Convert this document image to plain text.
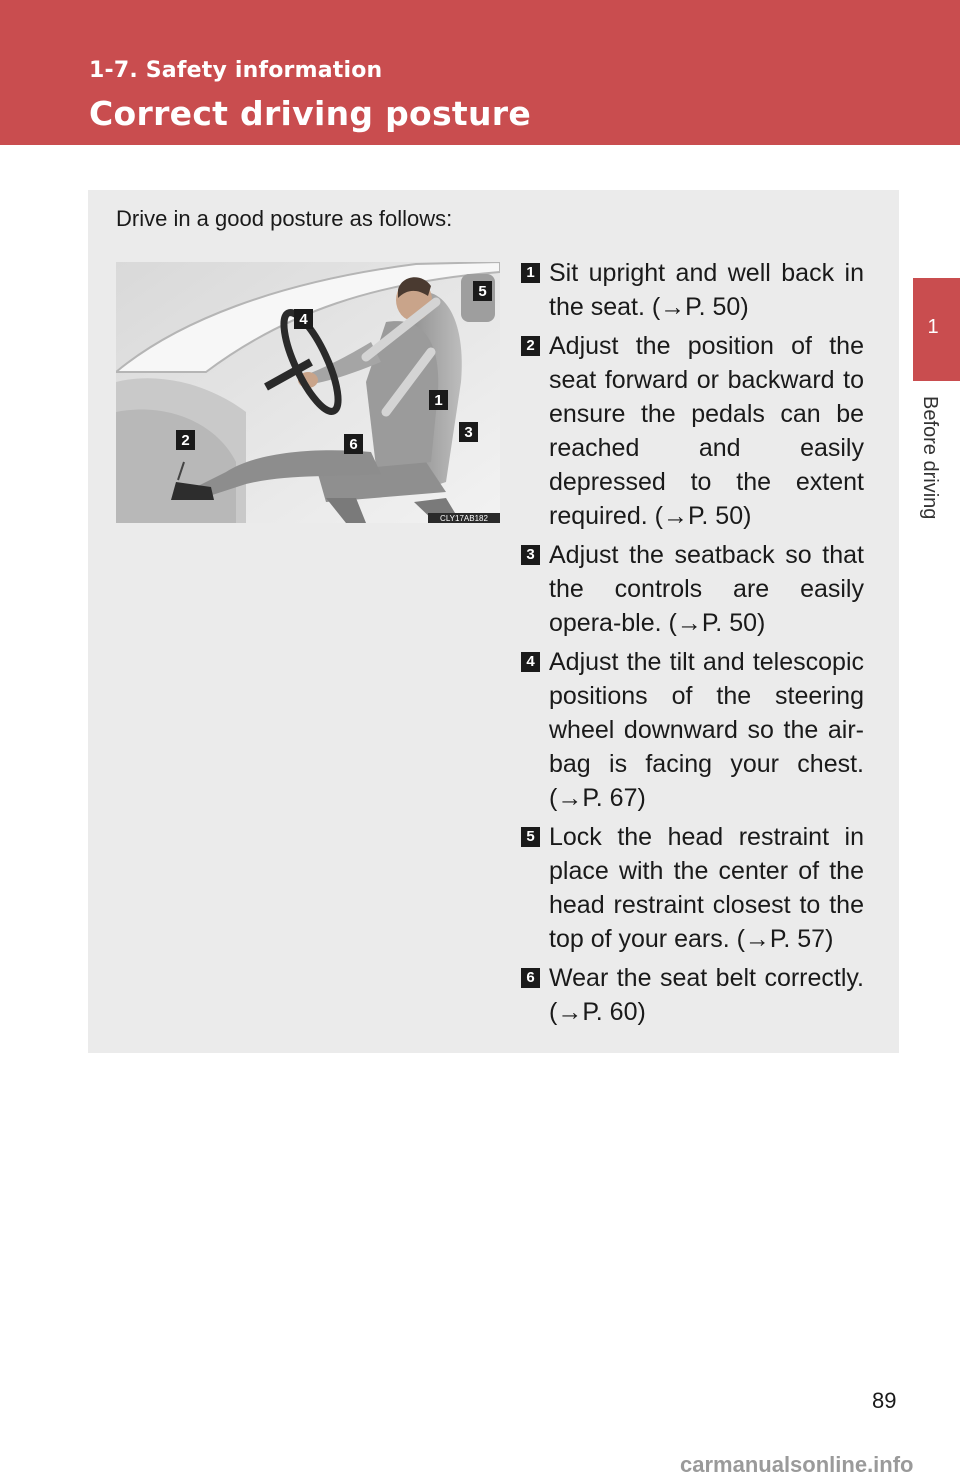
1-7. Safety information
Correct driving posture
1
Before driving
Drive in a good posture as follows:
1
2	3
4
5
6
CLY17AB182
1 Sit upright and well back in the seat. (→P. 50)
2 Adjust the position of the seat forward or backward to ensure the pedals can be reached and easily depressed to the extent required. (→P. 50)
3 Adjust the seatback so that the controls are easily opera-ble. (→P. 50)
4 Adjust the tilt and telescopic positions of the steering wheel downward so the air-bag is facing your chest. (→P. 67)
5 Lock the head restraint in place with the center of the head restraint closest to the top of your ears. (→P. 57)
6 Wear the seat belt correctly. (→P. 60)
89
carmanualsonline.info
